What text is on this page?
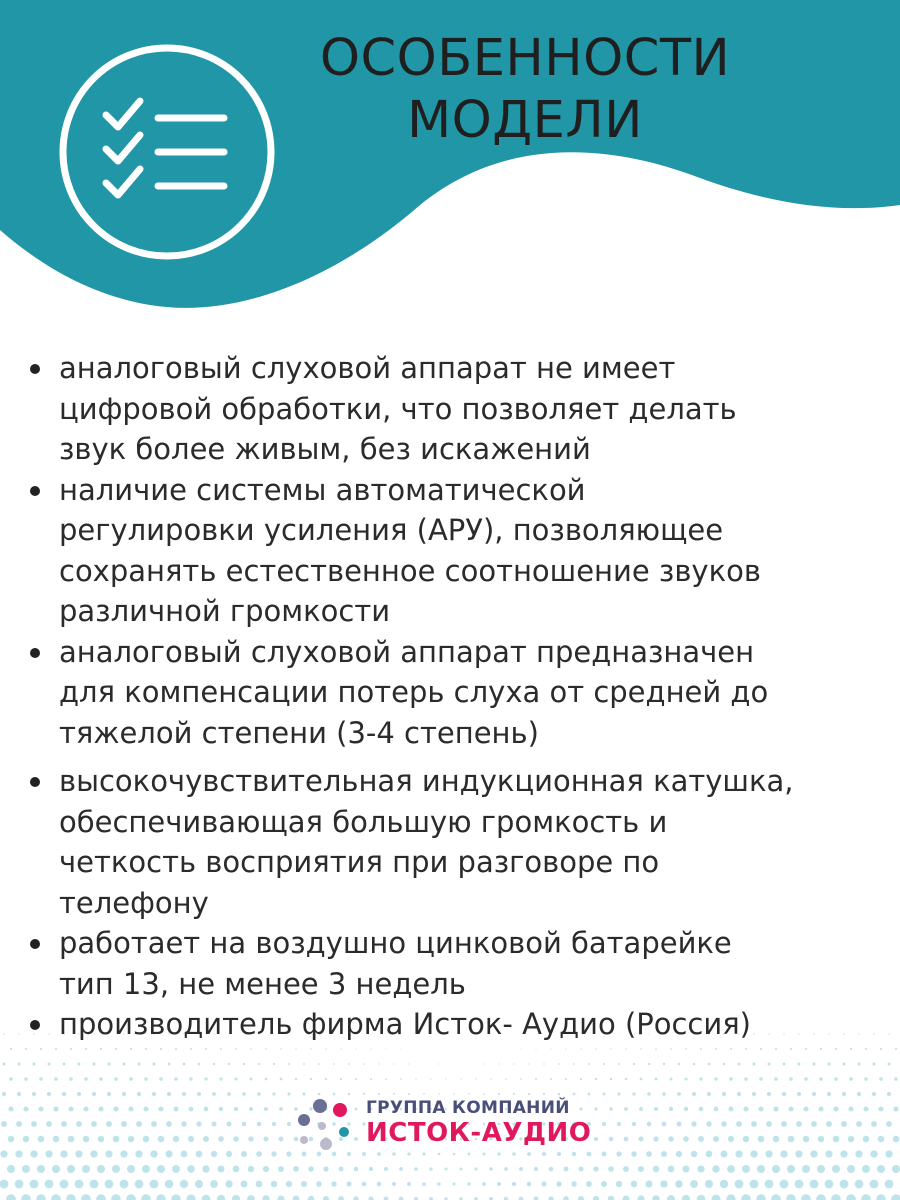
ОСОБЕННОСТИ
МОДЕЛИ
аналоговый слуховой аппарат не имеет
цифровой обработки, что позволяет делать
звук более живым, без искажений
наличие системы автоматической
регулировки усиления (АРУ), позволяющее
сохранять естественное соотношение звуков
различной громкости
аналоговый слуховой аппарат предназначен
для компенсации потерь слуха от средней до
тяжелой степени (3-4 степень)
высокочувствительная индукционная катушка,
обеспечивающая большую громкость и
четкость восприятия при разговоре по
телефону
работает на воздушно цинковой батарейке
тип 13, не менее 3 недель
производитель фирма Исток- Аудио (Россия)
ГРУППА КОМПАНИЙ
ИСТОК-АУДИО
